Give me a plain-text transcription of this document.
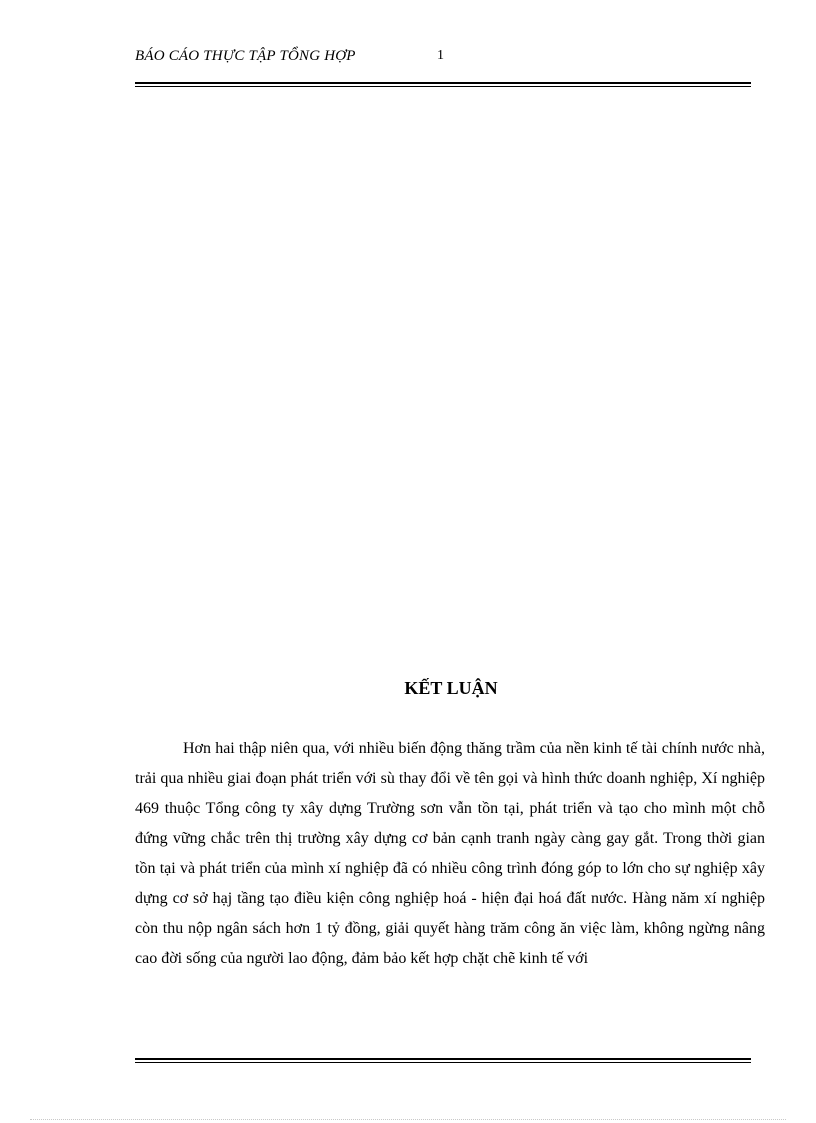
BÁO CÁO THỰC TẬP TỔNG HỢP	1
KẾT LUẬN

Hơn hai thập niên qua, với nhiều biến động thăng trầm của nền kinh tế tài chính nước nhà, trải qua nhiều giai đoạn phát triển với sù thay đổi về tên gọi và hình thức doanh nghiệp, Xí nghiệp 469 thuộc Tổng công ty xây dựng Trường sơn vẫn tồn tại, phát triển và tạo cho mình một chỗ đứng vững chắc trên thị trường xây dựng cơ bản cạnh tranh ngày càng gay gắt. Trong thời gian tồn tại và phát triển của mình xí nghiệp đã có nhiều công trình đóng góp to lớn cho sự nghiệp xây dựng cơ sở hạj tầng tạo điều kiện công nghiệp hoá - hiện đại hoá đất nước. Hàng năm xí nghiệp còn thu nộp ngân sách hơn 1 tỷ đồng, giải quyết hàng trăm công ăn việc làm, không ngừng nâng cao đời sống của người lao động, đảm bảo kết hợp chặt chẽ kinh tế với
